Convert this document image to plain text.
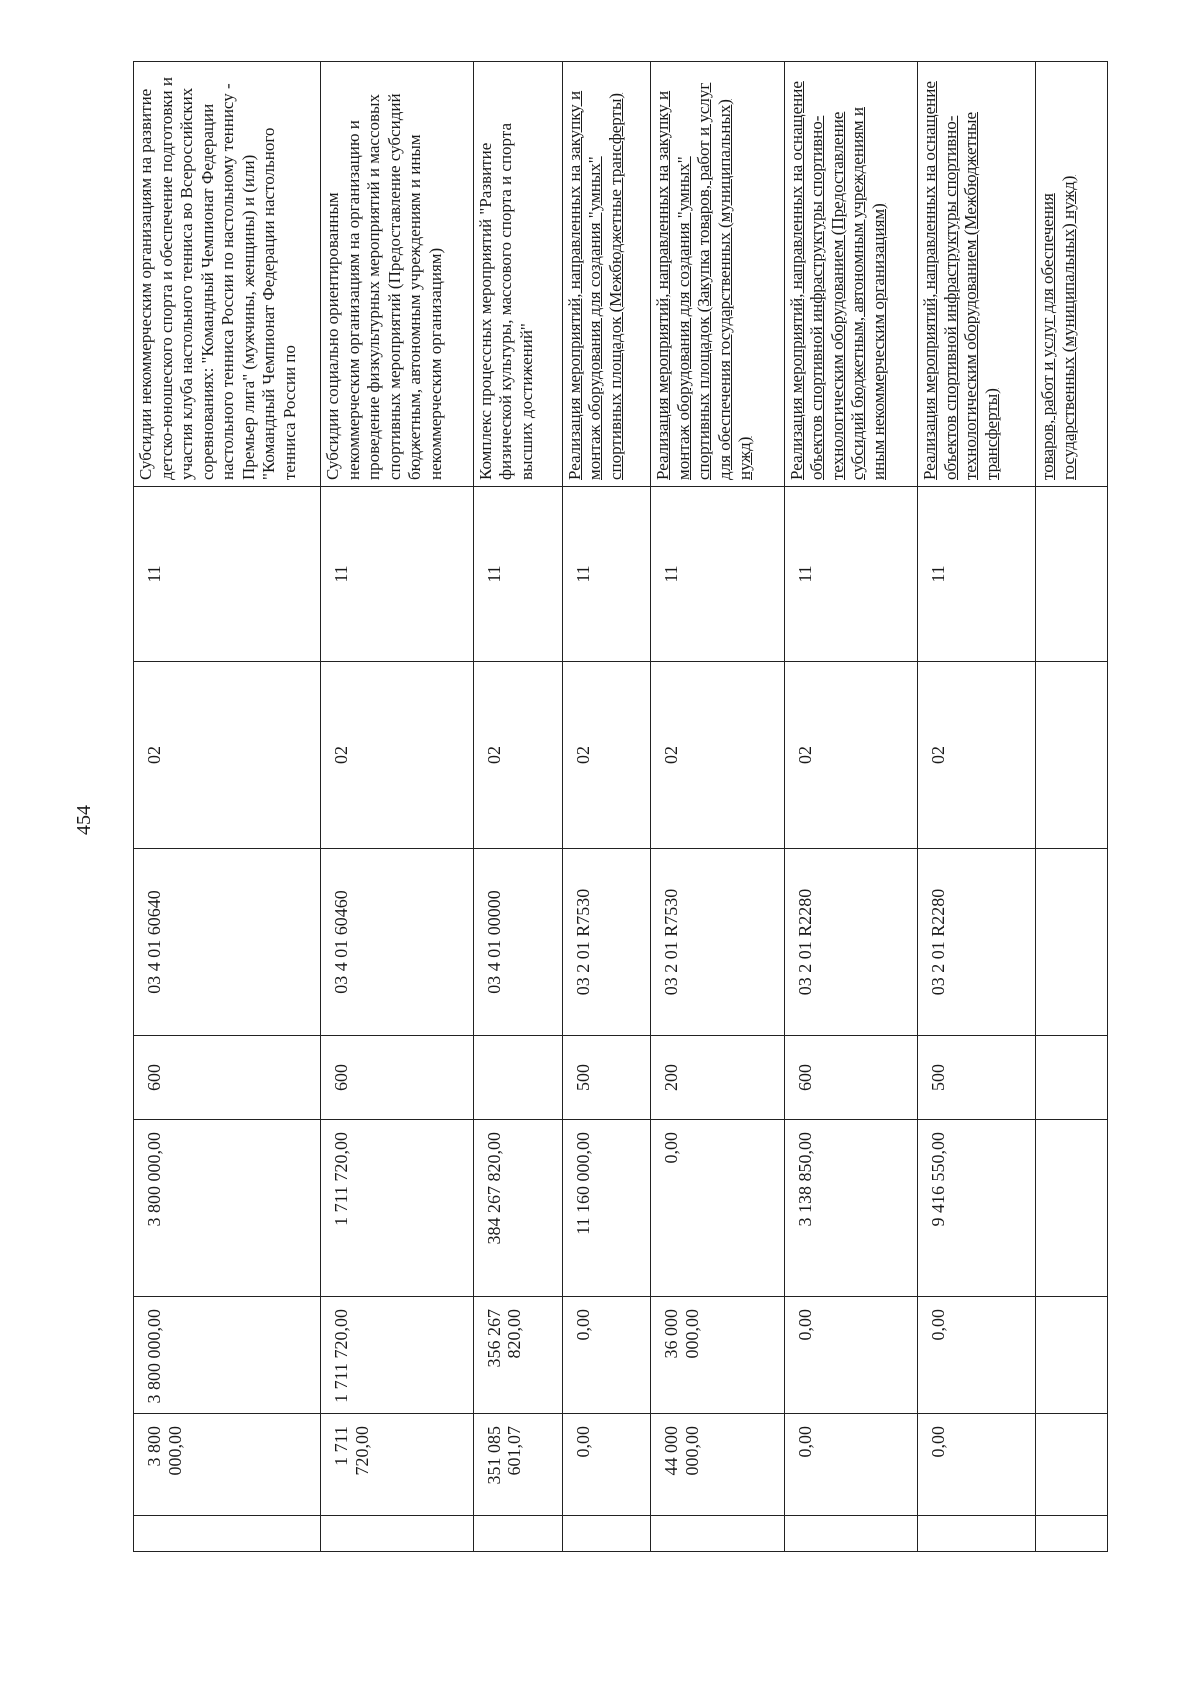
454
	3 800 000,00	3 800 000,00	3 800 000,00	600	03 4 01 60640	02	11	Субсидии некоммерческим организациям на развитие детско-юношеского спорта и обеспечение подготовки и участия клуба настольного тенниса во Всероссийских соревнованиях: "Командный Чемпионат Федерации настольного тенниса России по настольному теннису - Премьер лига" (мужчины, женщины) и (или) "Командный Чемпионат Федерации настольного тенниса России по
	1 711 720,00	1 711 720,00	1 711 720,00	600	03 4 01 60460	02	11	Субсидии социально ориентированным некоммерческим организациям на организацию и проведение физкультурных мероприятий и массовых спортивных мероприятий (Предоставление субсидий бюджетным, автономным учреждениям и иным некоммерческим организациям)
	351 085 601,07	356 267 820,00	384 267 820,00		03 4 01 00000	02	11	Комплекс процессных мероприятий "Развитие физической культуры, массового спорта и спорта высших достижений"
	0,00	0,00	11 160 000,00	500	03 2 01 R7530	02	11	Реализация мероприятий, направленных на закупку и монтаж оборудования для создания "умных" спортивных площадок (Межбюджетные трансферты)
	44 000 000,00	36 000 000,00	0,00	200	03 2 01 R7530	02	11	Реализация мероприятий, направленных на закупку и монтаж оборудования для создания "умных" спортивных площадок (Закупка товаров, работ и услуг для обеспечения государственных (муниципальных) нужд)
	0,00	0,00	3 138 850,00	600	03 2 01 R2280	02	11	Реализация мероприятий, направленных на оснащение объектов спортивной инфраструктуры спортивно-технологическим оборудованием (Предоставление субсидий бюджетным, автономным учреждениям и иным некоммерческим организациям)
	0,00	0,00	9 416 550,00	500	03 2 01 R2280	02	11	Реализация мероприятий, направленных на оснащение объектов спортивной инфраструктуры спортивно-технологическим оборудованием (Межбюджетные трансферты)
								товаров, работ и услуг для обеспечения государственных (муниципальных) нужд)
